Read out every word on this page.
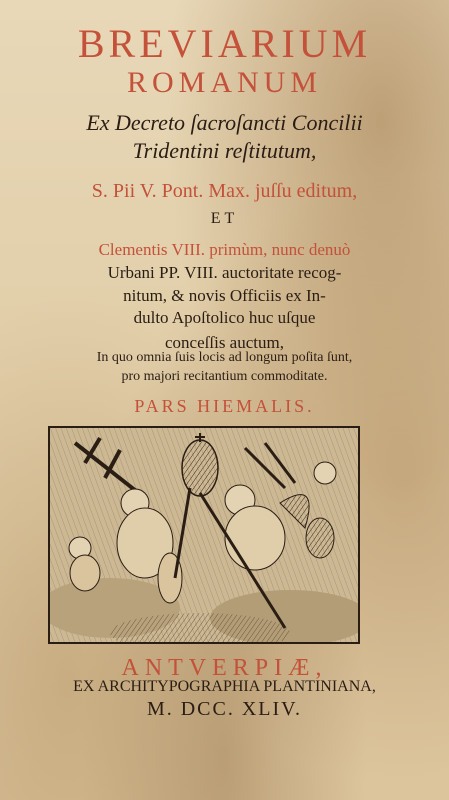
BREVIARIUM
ROMANUM
Ex Decreto ſacroſancti Concilii
Tridentini reſtitutum,
S. Pii V. Pont. Max. juſſu editum,
ET
Clementis VIII. primùm, nunc denuò
Urbani PP. VIII. auctoritate recog-
nitum, & novis Officiis ex In-
dulto Apoſtolico huc uſque
conceſſis auctum,
In quo omnia ſuis locis ad longum poſita ſunt,
pro majori recitantium commoditate.
PARS HIEMALIS.
ANTVERPIÆ,
EX ARCHITYPOGRAPHIA PLANTINIANA,
M. DCC. XLIV.
